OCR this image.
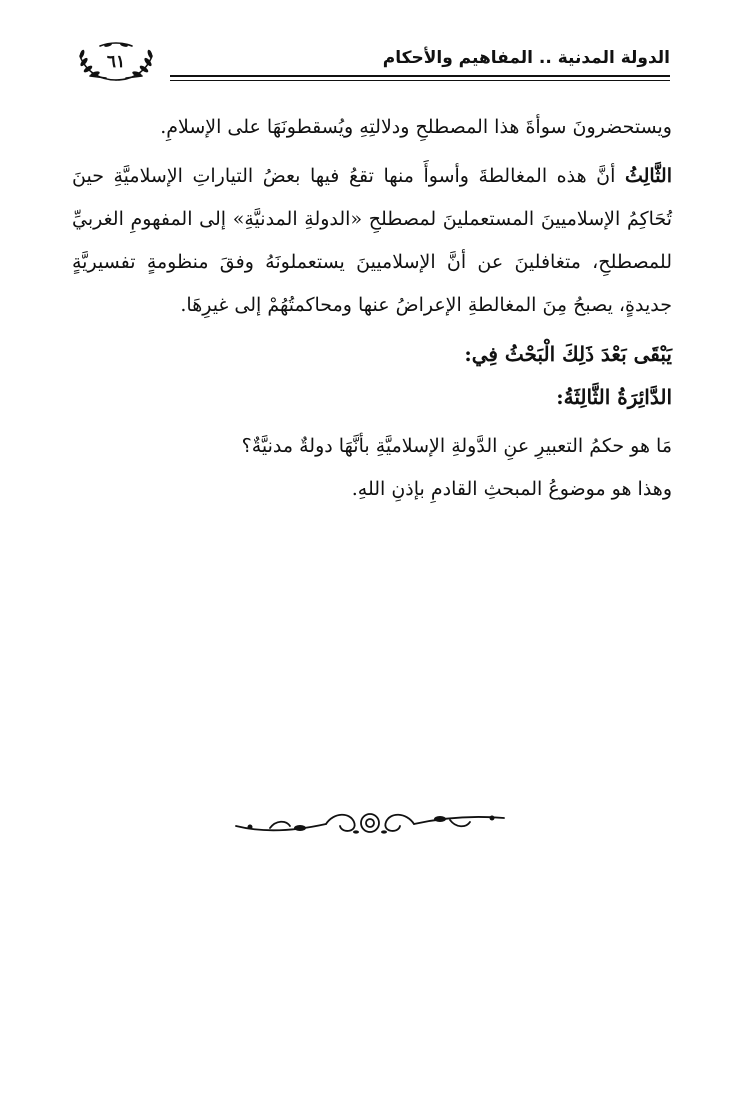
٦١	الدولة المدنية .. المفاهيم والأحكام

ويستحضرونَ سوأةَ هذا المصطلحِ ودلالتِهِ ويُسقطونَهَا على الإسلامِ.

الثَّالِثُ أنَّ هذه المغالطةَ وأسوأَ منها تقعُ فيها بعضُ التياراتِ الإسلاميَّةِ حينَ تُحَاكِمُ الإسلاميينَ المستعملينَ لمصطلحِ «الدولةِ المدنيَّةِ» إلى المفهومِ الغربيِّ للمصطلحِ، متغافلينَ عن أنَّ الإسلاميينَ يستعملونَهُ وفقَ منظومةٍ تفسيريَّةٍ جديدةٍ، يصبحُ مِنَ المغالطةِ الإعراضُ عنها ومحاكمتُهُمْ إلى غيرِهَا.

يَبْقَى بَعْدَ ذَلِكَ الْبَحْثُ فِي:

الدَّائِرَةُ الثَّالِثَةُ:

مَا هو حكمُ التعبيرِ عنِ الدَّولةِ الإسلاميَّةِ بأنَّهَا دولةٌ مدنيَّةٌ؟

وهذا هو موضوعُ المبحثِ القادمِ بإذنِ اللهِ.
